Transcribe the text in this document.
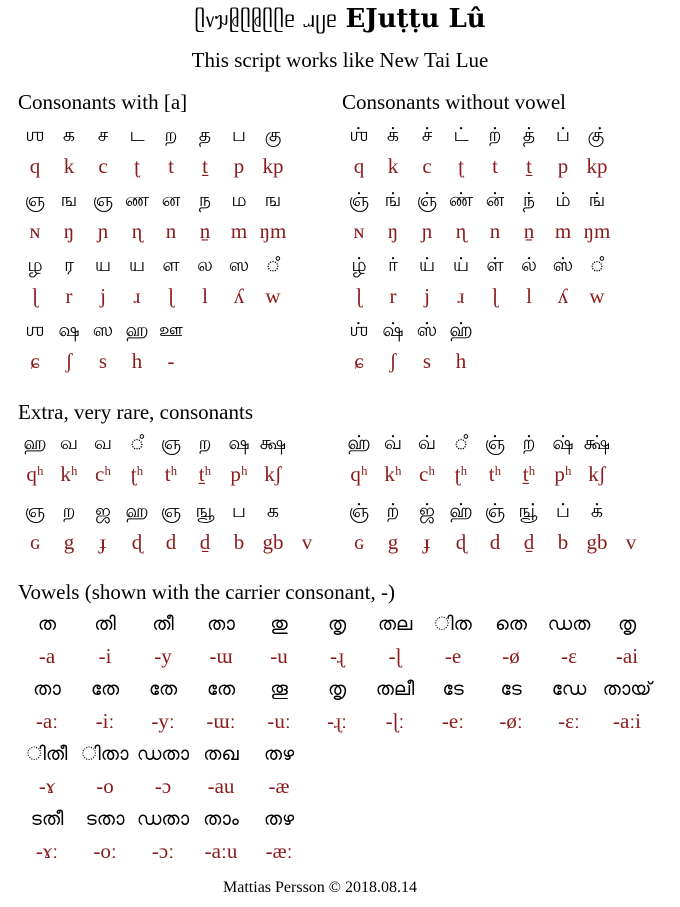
ᥫ᥎ᥭᥪᥫᥪᥫᥫᥱ ᥘᥩᥱ EJuṭṭu Lû
This script works like New Tai Lue
Consonants with [a]	Consonants without vowel
Extra, very rare, consonants
Vowels (shown with the carrier consonant, -)
ஶ க	ச	ட	ற	த	ப கு
q	k	c	ʈ	t	t̠	p kp
ஞ ங ஞ ண ன ந	ம ங
ɴ	ŋ	ɲ	ɳ	n	n̠ m ŋm
ழ	ர	ய ய ள ல ஸ ஂ
ɭ	r	j	ɹ	ɭ	l	ʎ	w
ஶ ஷ ஸ ஹ ஊ
ɕ	ʃ	s	h	-
ஶ் க்	ச்	ட்	ற்	த்	ப் கு்
q	k	c	ʈ	t	t̠	p kp
ஞ் ங் ஞ் ண் ன் ந்	ம் ங்
ɴ	ŋ	ɲ	ɳ	n	n̠ m ŋm
ழ்	ர்	ய் ய் ள் ல் ஸ் ஂ
ɭ	r	j	ɹ	ɭ	l	ʎ	w
ஶ் ஷ் ஸ் ஹ்
ɕ	ʃ	s	h
ஹ வ வ ஂ ஞ ற ஷ க்ஷ
qʰ kʰ cʰ ʈʰ	tʰ	t̠ʰ pʰ kʃ
ஞ ற	ஜ ஹ ஞ ஙூ ப	க
ɢ	g	ɟ	ɖ	d	d̠	b gb v
ஹ் வ் வ் ஂ ஞ் ற் ஷ் க்ஷ்
qʰ kʰ cʰ ʈʰ	tʰ	t̠ʰ pʰ kʃ
ஞ் ற்	ஜ் ஹ் ஞ் ஙூ் ப்	க்
ɢ	g	ɟ	ɖ	d	d̠	b gb v
ത	തി	തീ	താ	തു	തൃ	തല	ിത	തെ	ഡത	തൃ
-a	-i	-y	-ɯ	-u	-ɻ	-ɭ	-e	-ø	-ɛ	-ai
താ	തേ	തേ	തേ	തൂ	തൃ	തലീ	ടേ	ടേ	ഡേ തായ്
-aː	-iː	-yː	-ɯː	-uː	-ɻː	-ɭː	-eː	-øː	-ɛː	-aːi
ിതീ ിതാ ഡതാ തഖ	തഴ
-ɤ	-o	-ɔ	-au	-æ
ടതീ	ടതാ ഡതാ താം	തഴ
-ɤː	-oː	-ɔː	-aːu	-æː
Mattias Persson © 2018.08.14
